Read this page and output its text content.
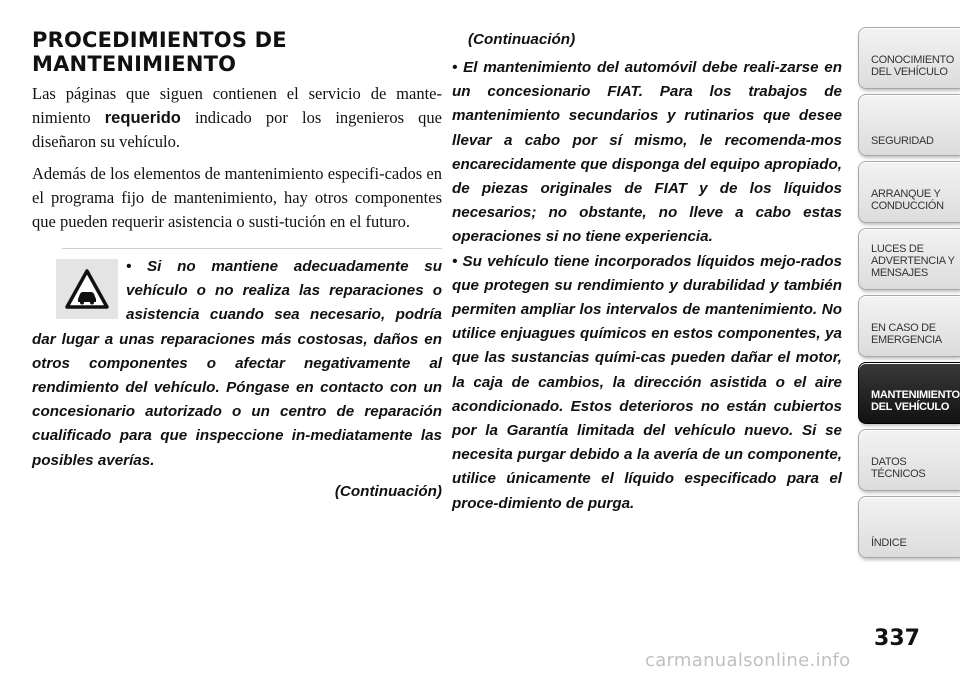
PROCEDIMIENTOS DE
MANTENIMIENTO

Las páginas que siguen contienen el servicio de mante-nimiento requerido indicado por los ingenieros que diseñaron su vehículo.

Además de los elementos de mantenimiento especifi-cados en el programa fijo de mantenimiento, hay otros componentes que pueden requerir asistencia o susti-tución en el futuro.

• Si no mantiene adecuadamente su vehículo o no realiza las reparaciones o asistencia cuando sea necesario, podría dar lugar a unas reparaciones más costosas, daños en otros componentes o afectar negativamente al rendimiento del vehículo. Póngase en contacto con un concesionario autorizado o un centro de reparación cualificado para que inspeccione in-mediatamente las posibles averías.

(Continuación)
(Continuación)

• El mantenimiento del automóvil debe reali-zarse en un concesionario FIAT. Para los trabajos de mantenimiento secundarios y rutinarios que desee llevar a cabo por sí mismo, le recomenda-mos encarecidamente que disponga del equipo apropiado, de piezas originales de FIAT y de los líquidos necesarios; no obstante, no lleve a cabo estas operaciones si no tiene experiencia.

• Su vehículo tiene incorporados líquidos mejo-rados que protegen su rendimiento y durabilidad y también permiten ampliar los intervalos de mantenimiento. No utilice enjuagues químicos en estos componentes, ya que las sustancias quími-cas pueden dañar el motor, la caja de cambios, la dirección asistida o el aire acondicionado. Estos deterioros no están cubiertos por la Garantía limitada del vehículo nuevo. Si se necesita purgar debido a la avería de un componente, utilice únicamente el líquido especificado para el proce-dimiento de purga.

CONOCIMIENTO
DEL VEHÍCULO
SEGURIDAD
ARRANQUE Y
CONDUCCIÓN
LUCES DE
ADVERTENCIA Y
MENSAJES
EN CASO DE
EMERGENCIA
MANTENIMIENTO
DEL VEHÍCULO
DATOS
TÉCNICOS
ÍNDICE
337
carmanualsonline.info
